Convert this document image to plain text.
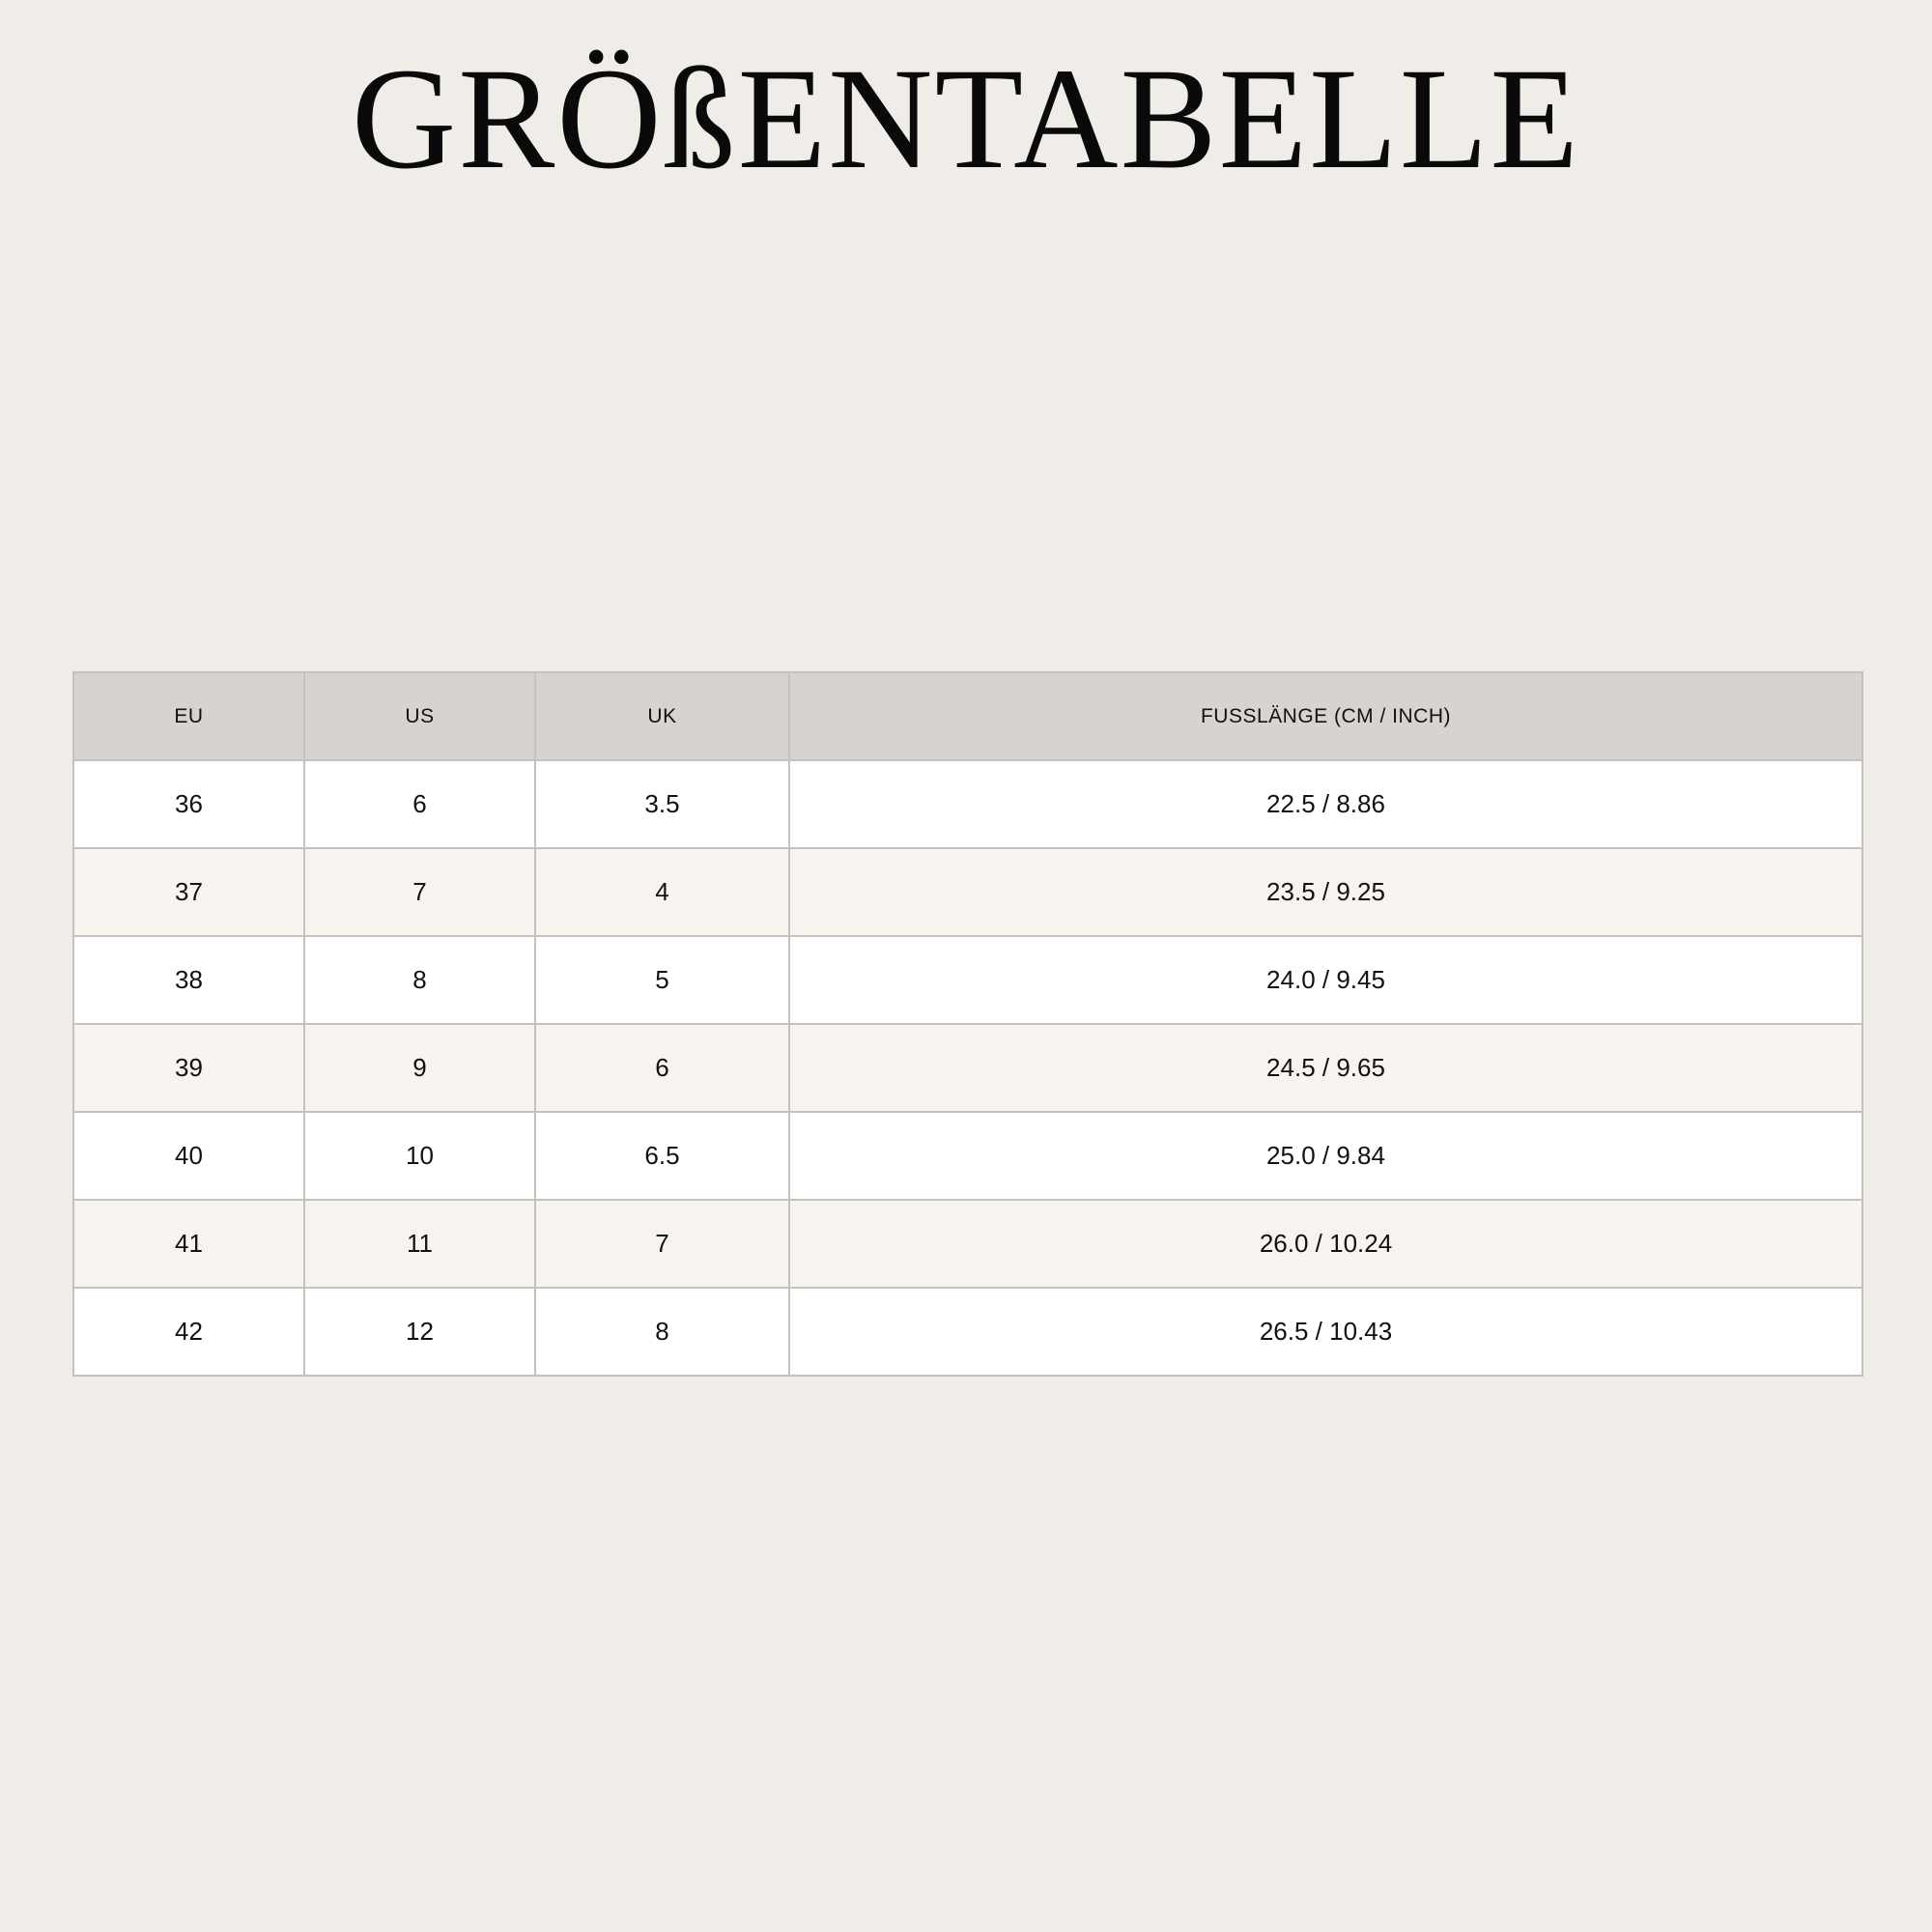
GRÖßENTABELLE
EU	US	UK	FUSSLÄNGE (CM / INCH)
36	6	3.5	22.5 / 8.86
37	7	4	23.5 / 9.25
38	8	5	24.0 / 9.45
39	9	6	24.5 / 9.65
40	10	6.5	25.0 / 9.84
41	11	7	26.0 / 10.24
42	12	8	26.5 / 10.43
